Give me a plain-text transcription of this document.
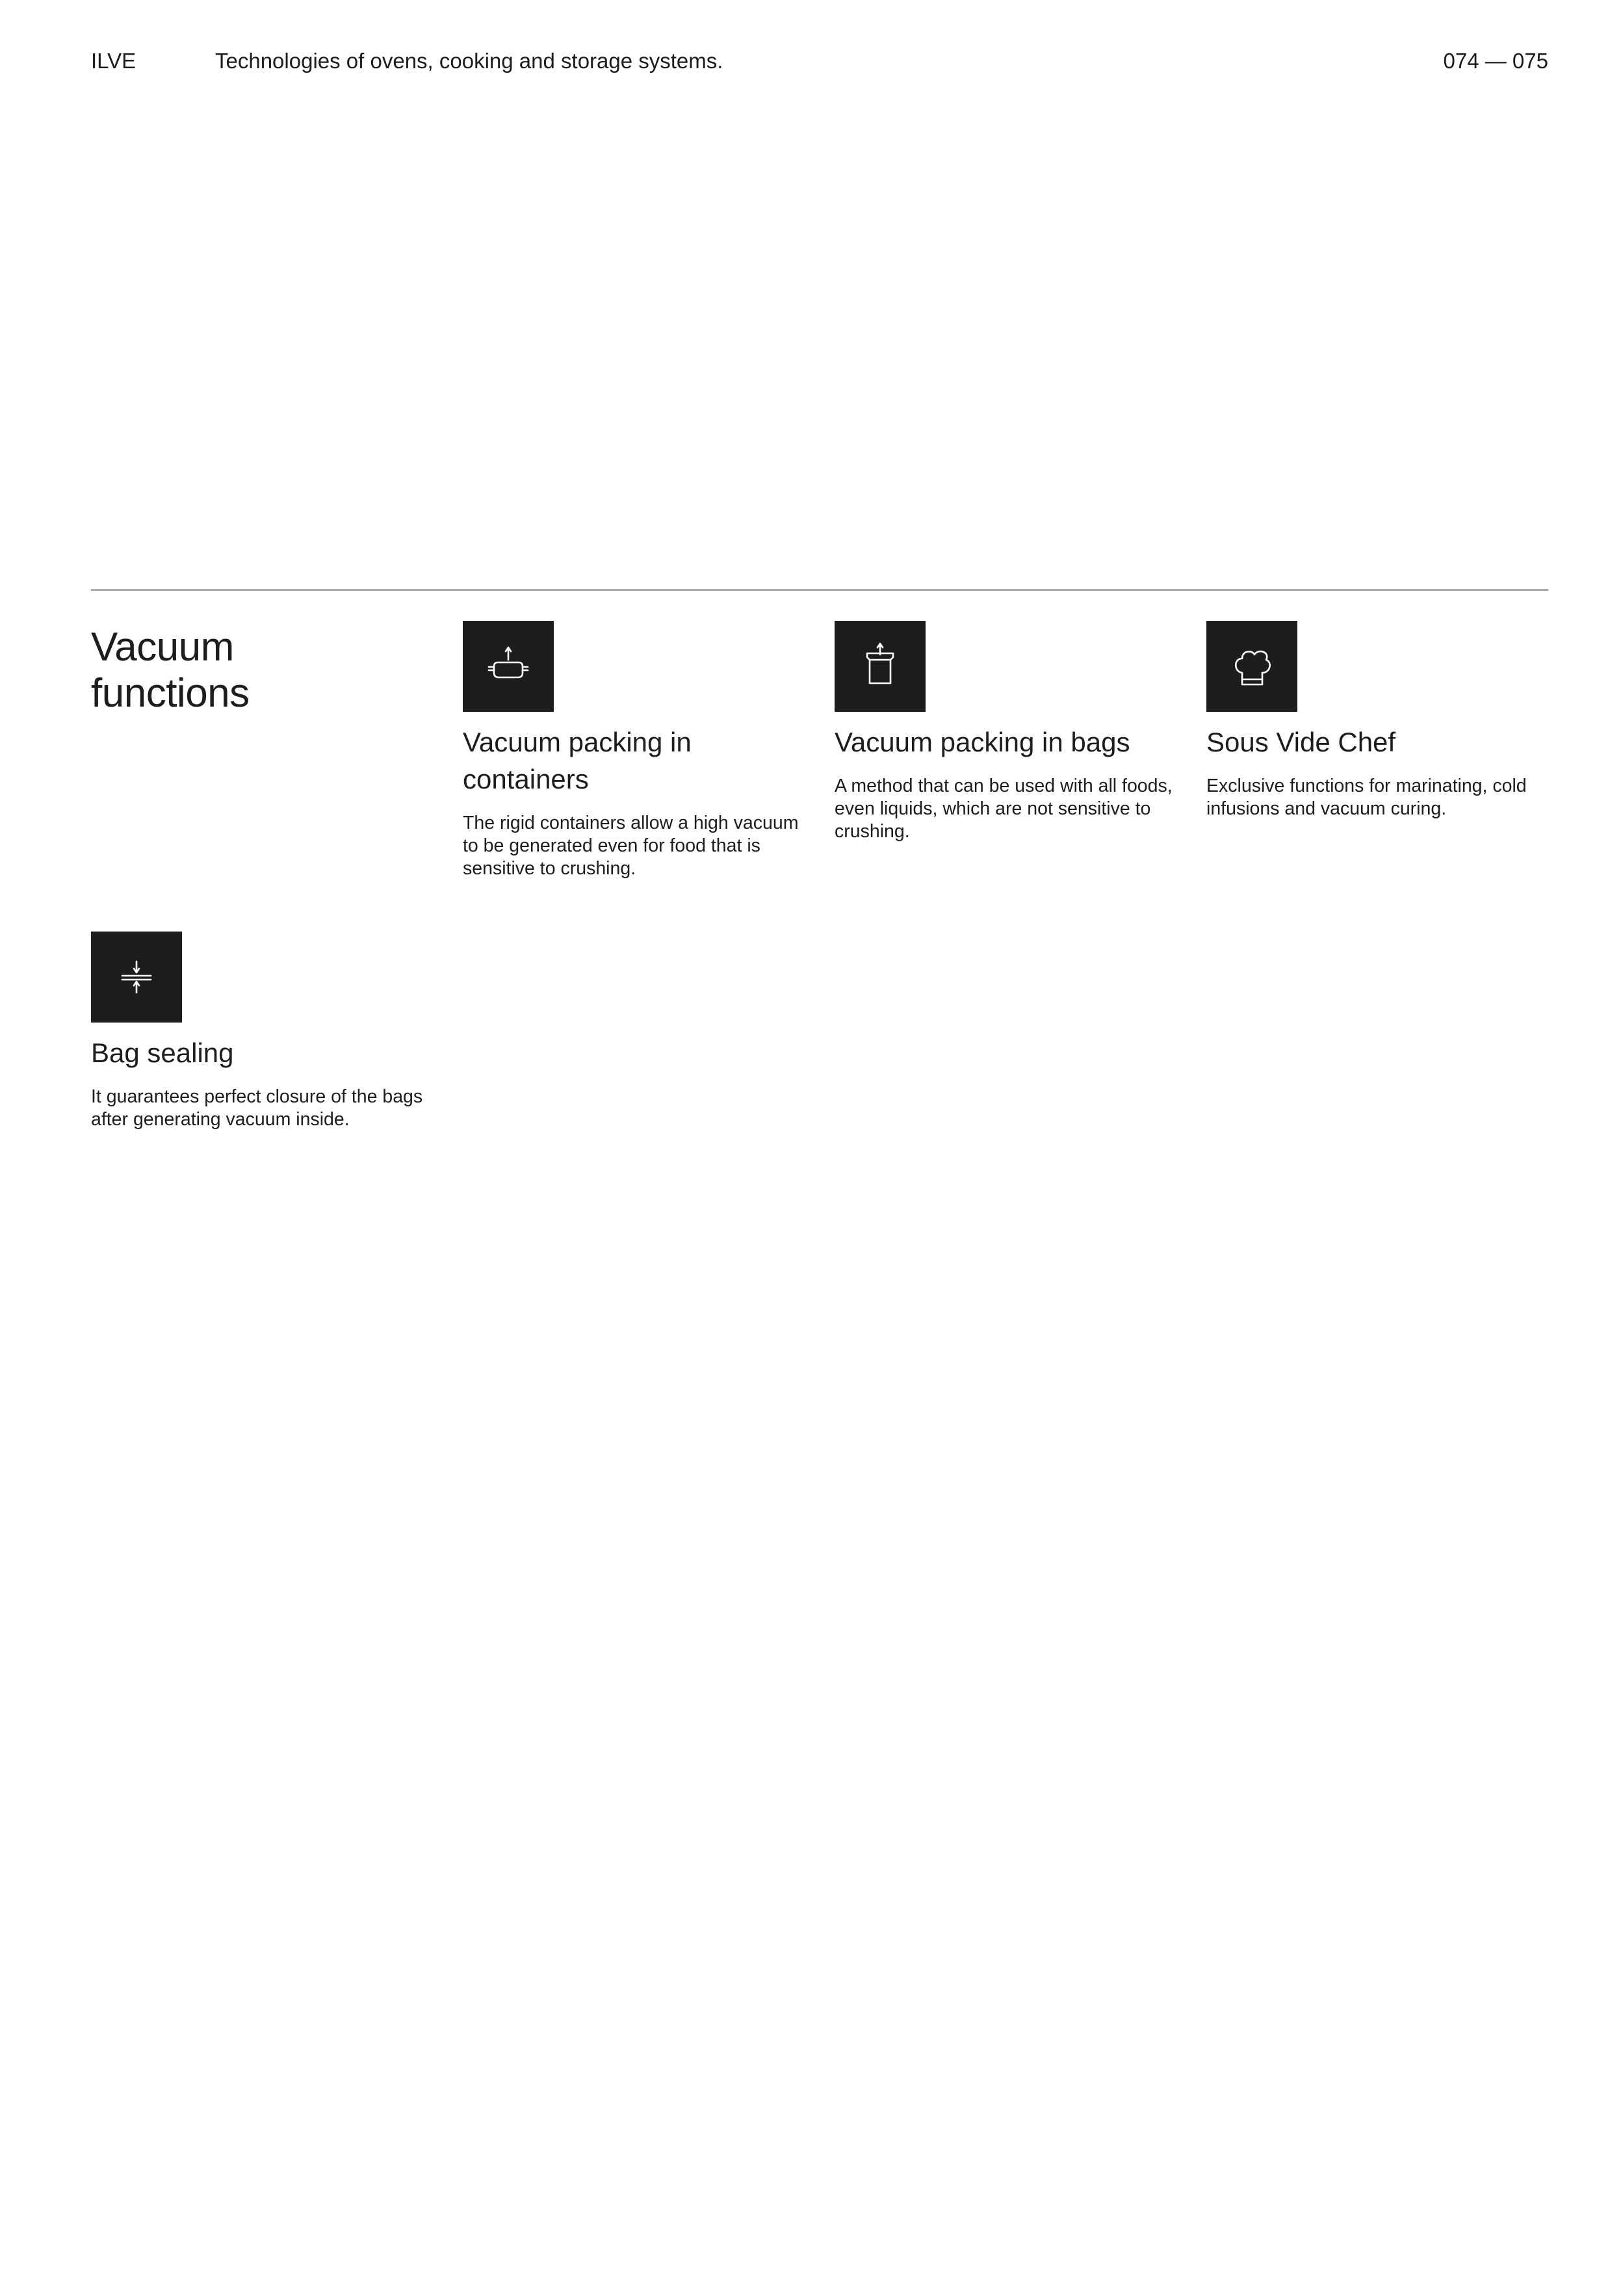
ILVE	Technologies of ovens, cooking and storage systems.	074 — 075
Vacuum
functions
Vacuum packing in containers
The rigid containers allow a high vacuum to be generated even for food that is sensitive to crushing.
Vacuum packing in bags
A method that can be used with all foods, even liquids, which are not sensitive to crushing.
Sous Vide Chef
Exclusive functions for marinating, cold infusions and vacuum curing.
Bag sealing
It guarantees perfect closure of the bags after generating vacuum inside.
